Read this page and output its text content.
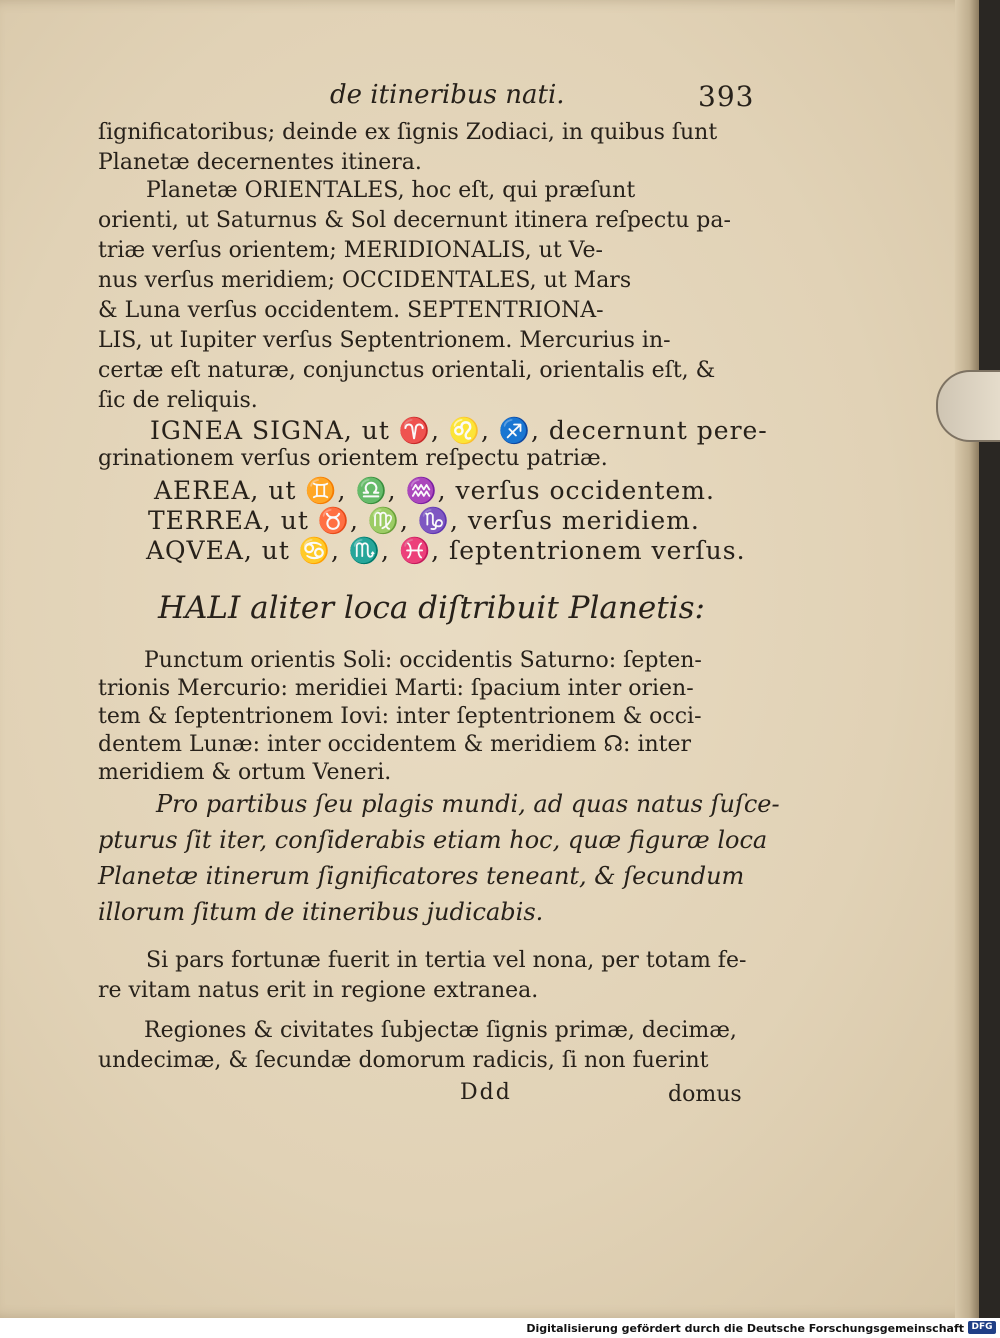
de itineribus nati.	393
ſignificatoribus; deinde ex ſignis Zodiaci, in quibus ſunt
Planetæ decernentes itinera.
Planetæ ORIENTALES, hoc eſt, qui præſunt
orienti, ut Saturnus & Sol decernunt itinera reſpectu pa-
triæ verſus orientem; MERIDIONALIS, ut Ve-
nus verſus meridiem; OCCIDENTALES, ut Mars
& Luna verſus occidentem. SEPTENTRIONA-
LIS, ut Iupiter verſus Septentrionem. Mercurius in-
certæ eſt naturæ, conjunctus orientali, orientalis eſt, &
ſic de reliquis.
IGNEA SIGNA, ut ♈, ♌, ♐, decernunt pere-
grinationem verſus orientem reſpectu patriæ.
AEREA, ut ♊, ♎, ♒, verſus occidentem.
TERREA, ut ♉, ♍, ♑, verſus meridiem.
AQVEA, ut ♋, ♏, ♓, ſeptentrionem verſus.
HALI aliter loca diſtribuit Planetis:
Punctum orientis Soli: occidentis Saturno: ſepten-
trionis Mercurio: meridiei Marti: ſpacium inter orien-
tem & ſeptentrionem Iovi: inter ſeptentrionem & occi-
dentem Lunæ: inter occidentem & meridiem ☊: inter
meridiem & ortum Veneri.
Pro partibus ſeu plagis mundi, ad quas natus ſuſce-
pturus ſit iter, conſiderabis etiam hoc, quæ figuræ loca
Planetæ itinerum ſignificatores teneant, & ſecundum
illorum ſitum de itineribus judicabis.
Si pars fortunæ fuerit in tertia vel nona, per totam fe-
re vitam natus erit in regione extranea.
Regiones & civitates ſubjectæ ſignis primæ, decimæ,
undecimæ, & ſecundæ domorum radicis, ſi non fuerint
Ddd	domus
Digitalisierung gefördert durch die Deutsche Forschungsgemeinschaft DFG
